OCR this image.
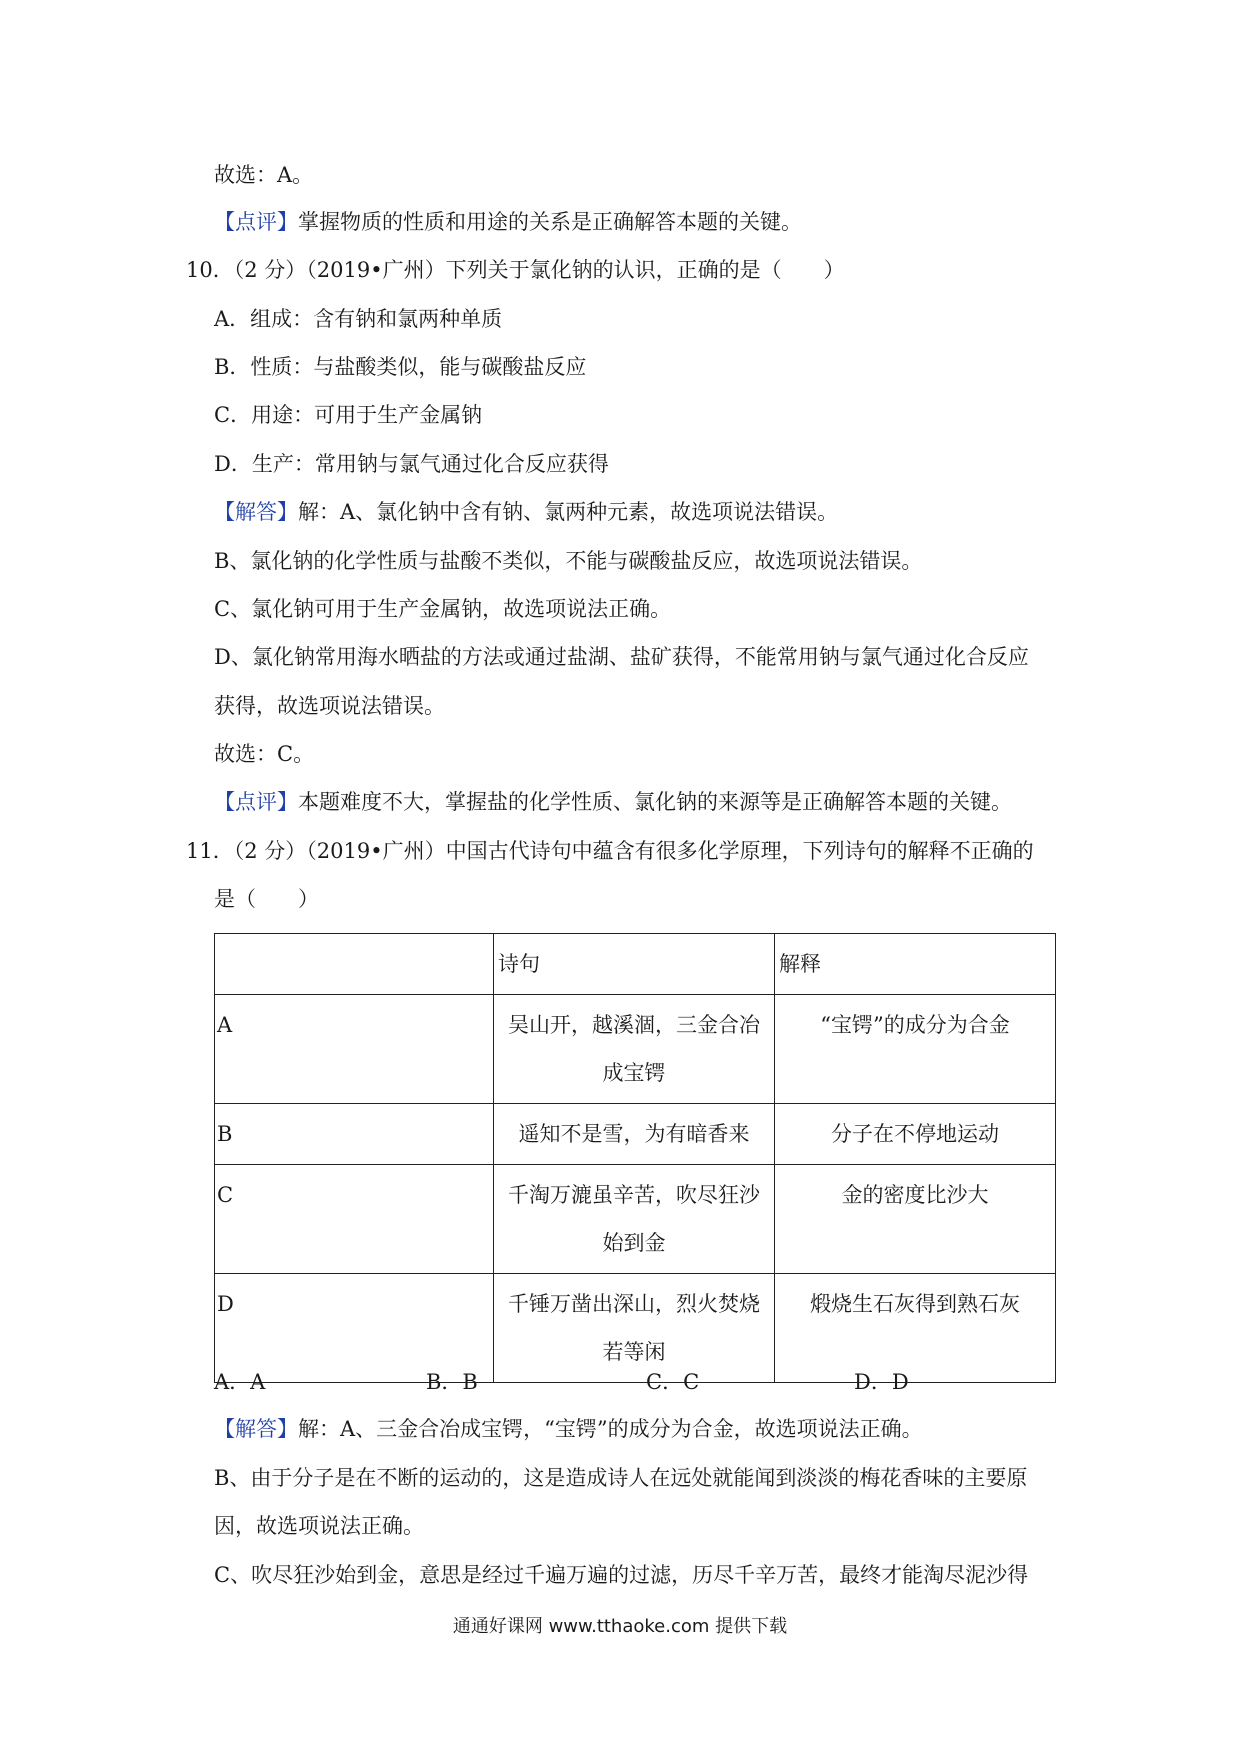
故选：A。
【点评】掌握物质的性质和用途的关系是正确解答本题的关键。
10．（2 分）（2019•广州）下列关于氯化钠的认识，正确的是（　　）
A．组成：含有钠和氯两种单质
B．性质：与盐酸类似，能与碳酸盐反应
C．用途：可用于生产金属钠
D．生产：常用钠与氯气通过化合反应获得
【解答】解：A、氯化钠中含有钠、氯两种元素，故选项说法错误。
B、氯化钠的化学性质与盐酸不类似，不能与碳酸盐反应，故选项说法错误。
C、氯化钠可用于生产金属钠，故选项说法正确。
D、氯化钠常用海水晒盐的方法或通过盐湖、盐矿获得，不能常用钠与氯气通过化合反应
获得，故选项说法错误。
故选：C。
【点评】本题难度不大，掌握盐的化学性质、氯化钠的来源等是正确解答本题的关键。
11．（2 分）（2019•广州）中国古代诗句中蕴含有很多化学原理，下列诗句的解释不正确的
是（　　）

	诗句	解释

A	吴山开，越溪涸，三金合冶
成宝锷	“宝锷”的成分为合金

B	遥知不是雪，为有暗香来	分子在不停地运动

C	千淘万漉虽辛苦，吹尽狂沙
始到金	金的密度比沙大

D	千锤万凿出深山，烈火焚烧
若等闲	煅烧生石灰得到熟石灰
A．A	B．B	C．C	D．D
【解答】解：A、三金合冶成宝锷，“宝锷”的成分为合金，故选项说法正确。
B、由于分子是在不断的运动的，这是造成诗人在远处就能闻到淡淡的梅花香味的主要原
因，故选项说法正确。
C、吹尽狂沙始到金，意思是经过千遍万遍的过滤，历尽千辛万苦，最终才能淘尽泥沙得
通通好课网 www.tthaoke.com 提供下载
